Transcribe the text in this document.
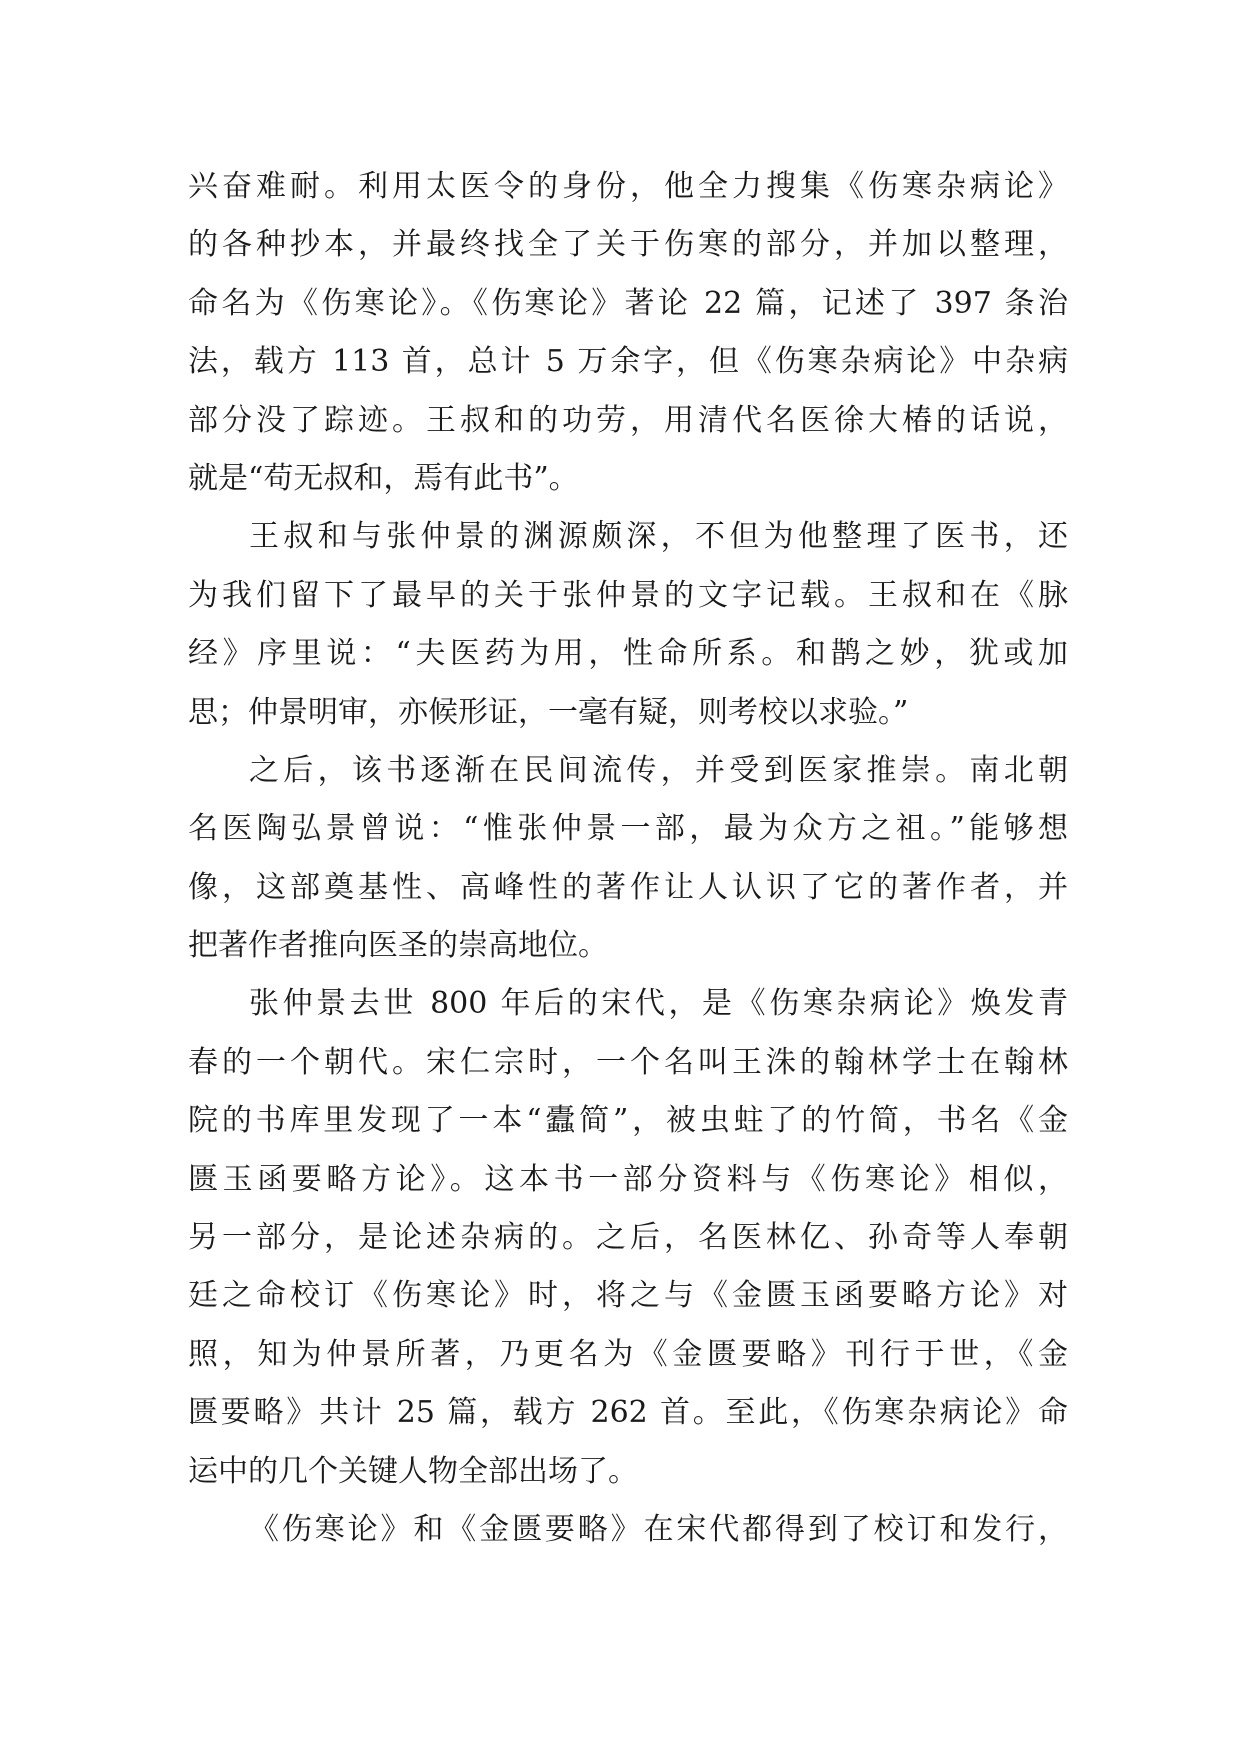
兴奋难耐。利用太医令的身份，他全力搜集《伤寒杂病论》
的各种抄本，并最终找全了关于伤寒的部分，并加以整理，
命名为《伤寒论》。《伤寒论》著论 22 篇，记述了 397 条治
法，载方 113 首，总计 5 万余字，但《伤寒杂病论》中杂病
部分没了踪迹。王叔和的功劳，用清代名医徐大椿的话说，
就是“苟无叔和，焉有此书”。
王叔和与张仲景的渊源颇深，不但为他整理了医书，还
为我们留下了最早的关于张仲景的文字记载。王叔和在《脉
经》序里说：“夫医药为用，性命所系。和鹊之妙，犹或加
思；仲景明审，亦候形证，一毫有疑，则考校以求验。”
之后，该书逐渐在民间流传，并受到医家推崇。南北朝
名医陶弘景曾说：“惟张仲景一部，最为众方之祖。”能够想
像，这部奠基性、高峰性的著作让人认识了它的著作者，并
把著作者推向医圣的崇高地位。
张仲景去世 800 年后的宋代，是《伤寒杂病论》焕发青
春的一个朝代。宋仁宗时，一个名叫王洙的翰林学士在翰林
院的书库里发现了一本“蠹简”，被虫蛀了的竹简，书名《金
匮玉函要略方论》。这本书一部分资料与《伤寒论》相似，
另一部分，是论述杂病的。之后，名医林亿、孙奇等人奉朝
廷之命校订《伤寒论》时，将之与《金匮玉函要略方论》对
照，知为仲景所著，乃更名为《金匮要略》刊行于世，《金
匮要略》共计 25 篇，载方 262 首。至此，《伤寒杂病论》命
运中的几个关键人物全部出场了。
《伤寒论》和《金匮要略》在宋代都得到了校订和发行，
